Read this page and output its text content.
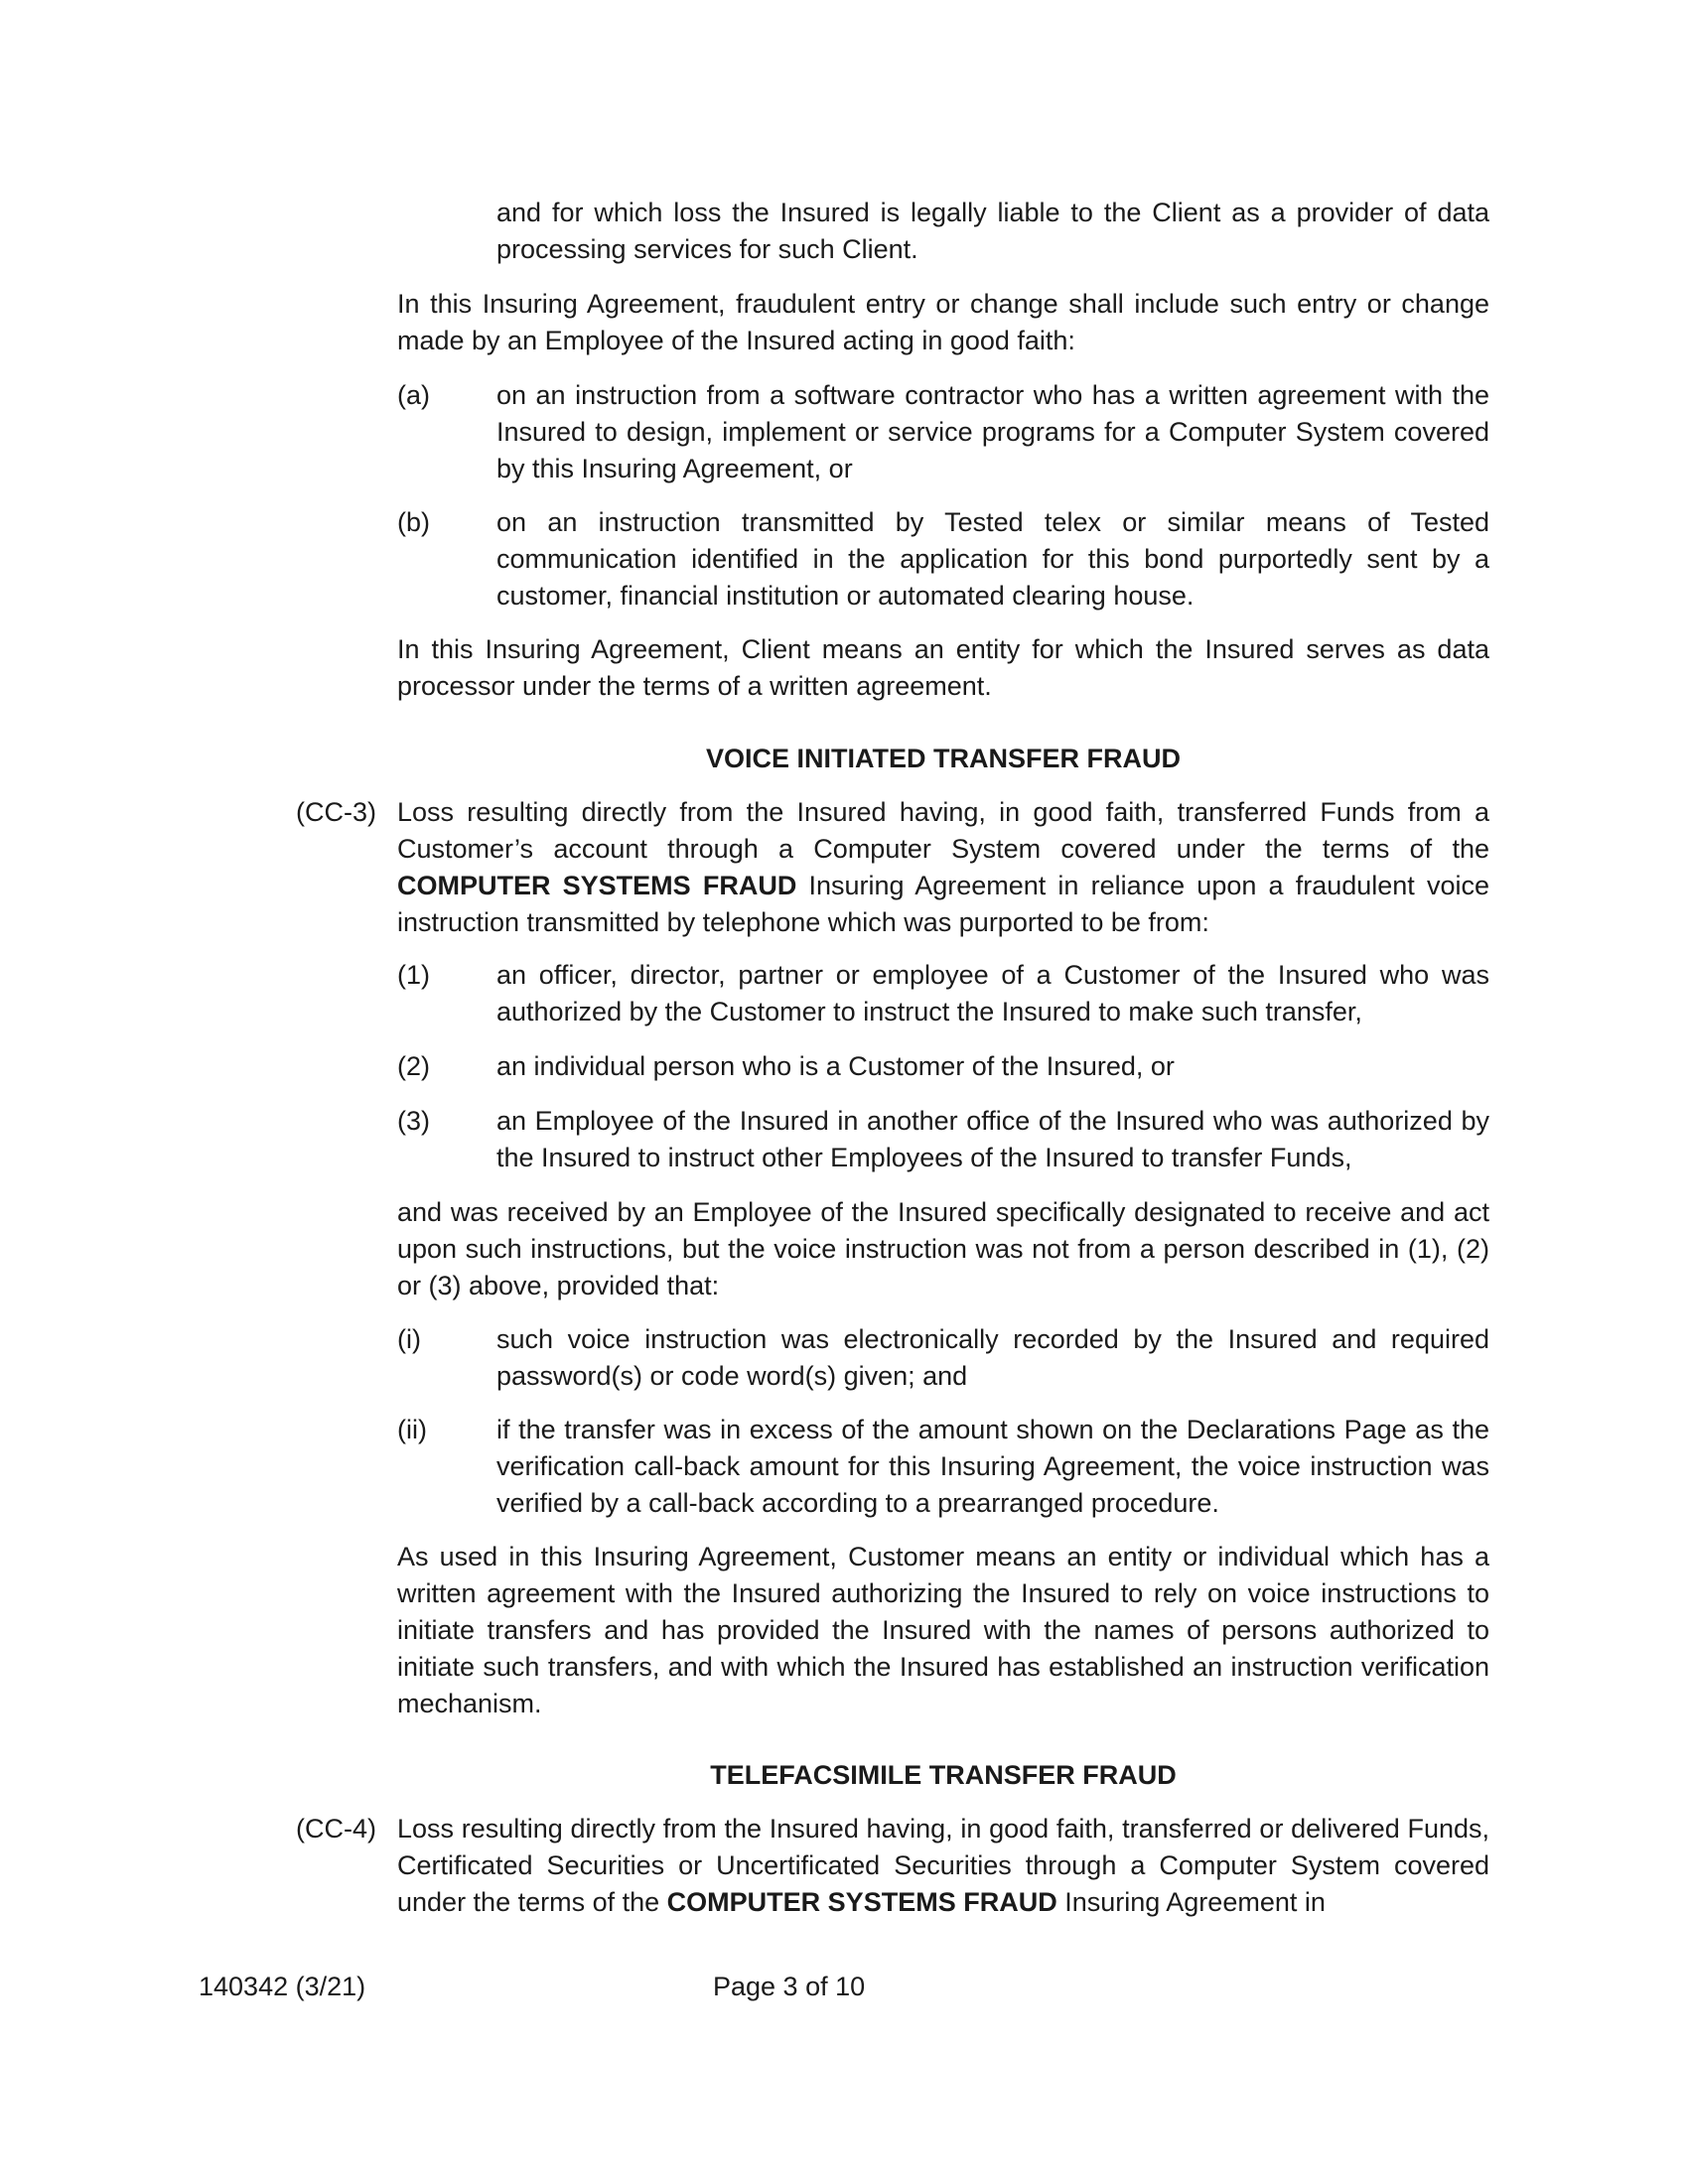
and for which loss the Insured is legally liable to the Client as a provider of data processing services for such Client.
In this Insuring Agreement, fraudulent entry or change shall include such entry or change made by an Employee of the Insured acting in good faith:
(a)	on an instruction from a software contractor who has a written agreement with the Insured to design, implement or service programs for a Computer System covered by this Insuring Agreement, or
(b)	on an instruction transmitted by Tested telex or similar means of Tested communication identified in the application for this bond purportedly sent by a customer, financial institution or automated clearing house.
In this Insuring Agreement, Client means an entity for which the Insured serves as data processor under the terms of a written agreement.
VOICE INITIATED TRANSFER FRAUD
(CC-3) Loss resulting directly from the Insured having, in good faith, transferred Funds from a Customer’s account through a Computer System covered under the terms of the COMPUTER SYSTEMS FRAUD Insuring Agreement in reliance upon a fraudulent voice instruction transmitted by telephone which was purported to be from:
(1)	an officer, director, partner or employee of a Customer of the Insured who was authorized by the Customer to instruct the Insured to make such transfer,
(2)	an individual person who is a Customer of the Insured, or
(3)	an Employee of the Insured in another office of the Insured who was authorized by the Insured to instruct other Employees of the Insured to transfer Funds,
and was received by an Employee of the Insured specifically designated to receive and act upon such instructions, but the voice instruction was not from a person described in (1), (2) or (3) above, provided that:
(i)	such voice instruction was electronically recorded by the Insured and required password(s) or code word(s) given; and
(ii)	if the transfer was in excess of the amount shown on the Declarations Page as the verification call-back amount for this Insuring Agreement, the voice instruction was verified by a call-back according to a prearranged procedure.
As used in this Insuring Agreement, Customer means an entity or individual which has a written agreement with the Insured authorizing the Insured to rely on voice instructions to initiate transfers and has provided the Insured with the names of persons authorized to initiate such transfers, and with which the Insured has established an instruction verification mechanism.
TELEFACSIMILE TRANSFER FRAUD
(CC-4) Loss resulting directly from the Insured having, in good faith, transferred or delivered Funds, Certificated Securities or Uncertificated Securities through a Computer System covered under the terms of the COMPUTER SYSTEMS FRAUD Insuring Agreement in
140342 (3/21)	Page 3 of 10
